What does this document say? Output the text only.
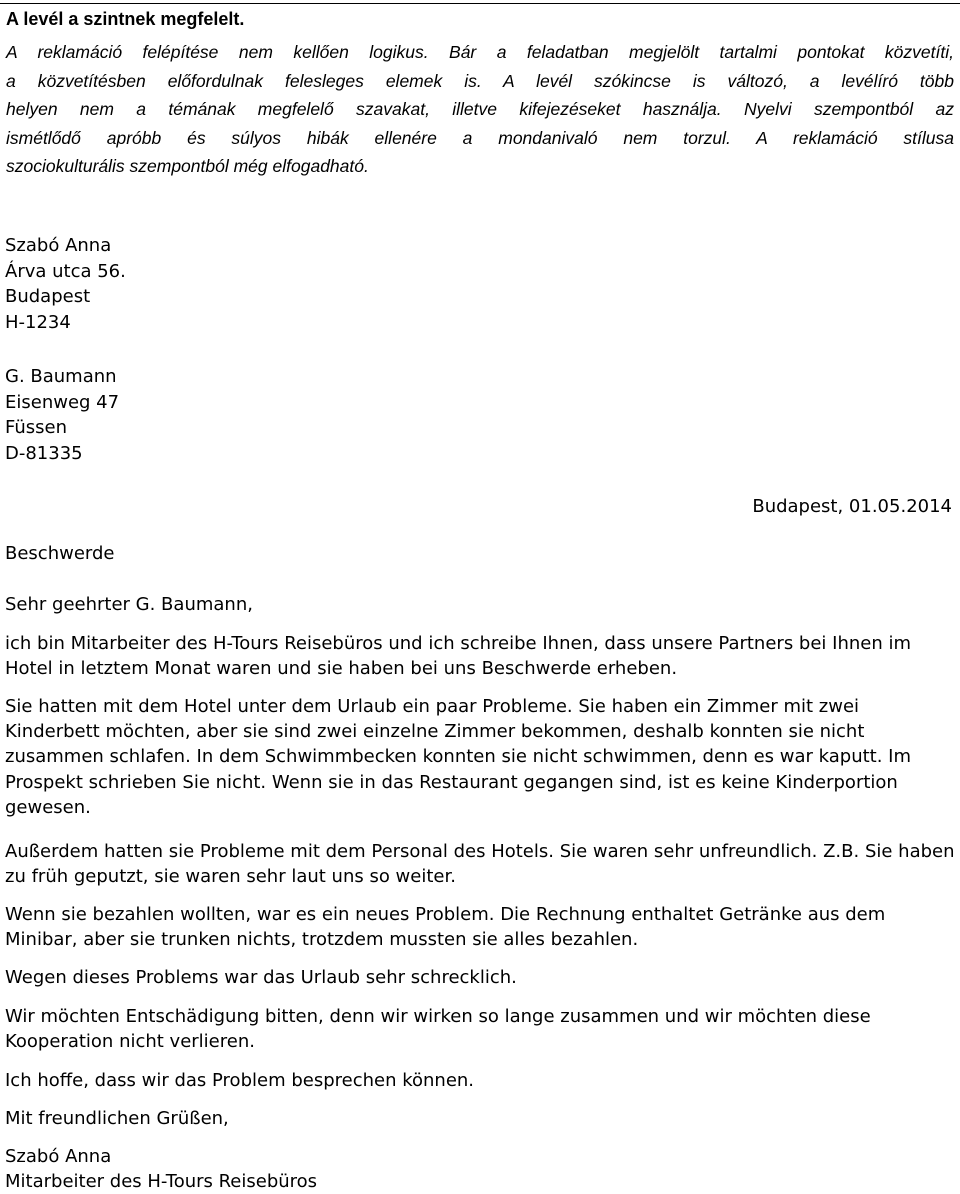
A levél a szintnek megfelelt.
A reklamáció felépítése nem kellően logikus. Bár a feladatban megjelölt tartalmi pontokat közvetíti,
a közvetítésben előfordulnak felesleges elemek is. A levél szókincse is változó, a levélíró több
helyen nem a témának megfelelő szavakat, illetve kifejezéseket használja. Nyelvi szempontból az
ismétlődő apróbb és súlyos hibák ellenére a mondanivaló nem torzul. A reklamáció stílusa
szociokulturális szempontból még elfogadható.
Szabó Anna
Árva utca 56.
Budapest
H-1234
G. Baumann
Eisenweg 47
Füssen
D-81335
Budapest, 01.05.2014
Beschwerde
Sehr geehrter G. Baumann,
ich bin Mitarbeiter des H-Tours Reisebüros und ich schreibe Ihnen, dass unsere Partners bei Ihnen im Hotel in letztem Monat waren und sie haben bei uns Beschwerde erheben.
Sie hatten mit dem Hotel unter dem Urlaub ein paar Probleme. Sie haben ein Zimmer mit zwei Kinderbett möchten, aber sie sind zwei einzelne Zimmer bekommen, deshalb konnten sie nicht zusammen schlafen. In dem Schwimmbecken konnten sie nicht schwimmen, denn es war kaputt. Im Prospekt schrieben Sie nicht. Wenn sie in das Restaurant gegangen sind, ist es keine Kinderportion gewesen.
Außerdem hatten sie Probleme mit dem Personal des Hotels. Sie waren sehr unfreundlich. Z.B. Sie haben zu früh geputzt, sie waren sehr laut uns so weiter.
Wenn sie bezahlen wollten, war es ein neues Problem. Die Rechnung enthaltet Getränke aus dem Minibar, aber sie trunken nichts, trotzdem mussten sie alles bezahlen.
Wegen dieses Problems war das Urlaub sehr schrecklich.
Wir möchten Entschädigung bitten, denn wir wirken so lange zusammen und wir möchten diese Kooperation nicht verlieren.
Ich hoffe, dass wir das Problem besprechen können.
Mit freundlichen Grüßen,
Szabó Anna
Mitarbeiter des H-Tours Reisebüros
